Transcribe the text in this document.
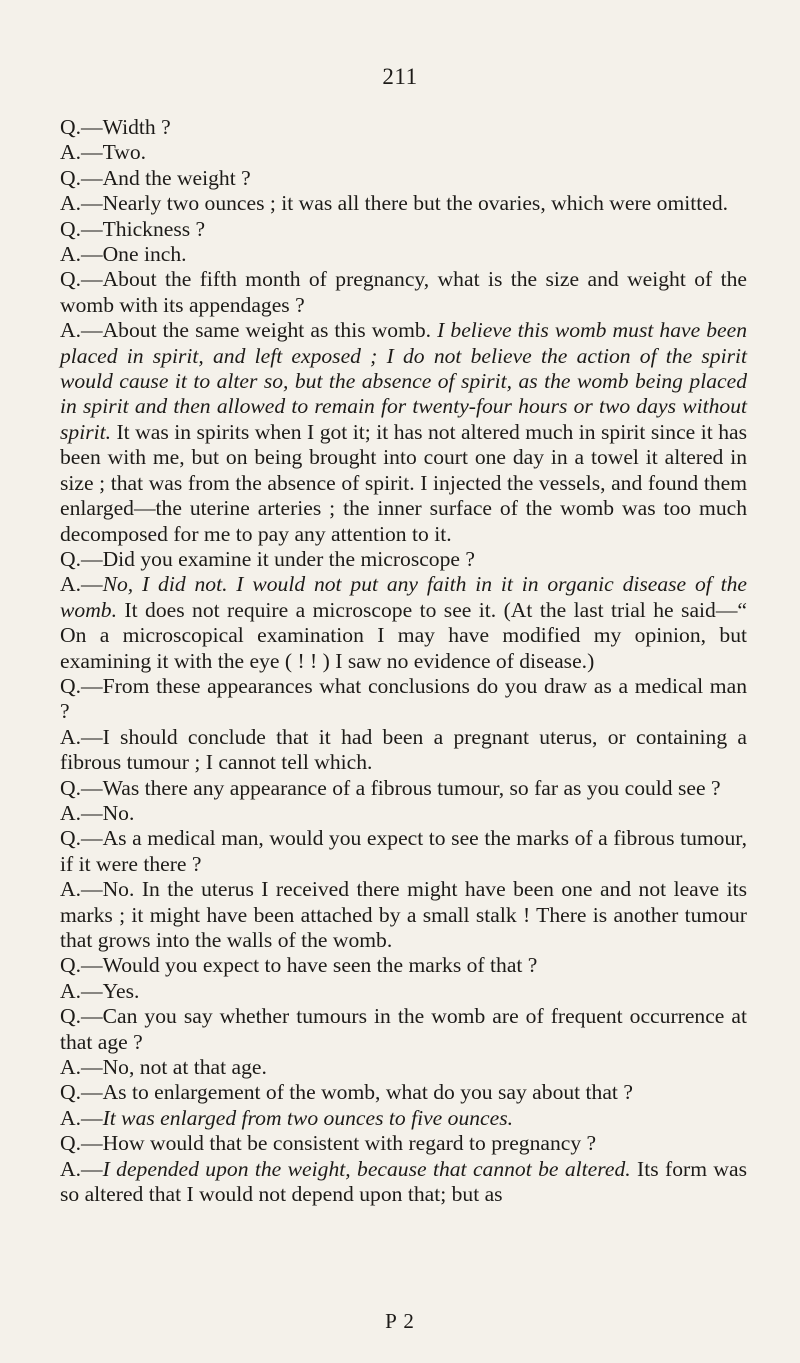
211

Q.—Width ?

A.—Two.

Q.—And the weight ?

A.—Nearly two ounces ; it was all there but the ovaries, which were omitted.

Q.—Thickness ?

A.—One inch.

Q.—About the fifth month of pregnancy, what is the size and weight of the womb with its appendages ?

A.—About the same weight as this womb. I believe this womb must have been placed in spirit, and left exposed ; I do not believe the action of the spirit would cause it to alter so, but the absence of spirit, as the womb being placed in spirit and then allowed to remain for twenty-four hours or two days without spirit. It was in spirits when I got it; it has not altered much in spirit since it has been with me, but on being brought into court one day in a towel it altered in size ; that was from the absence of spirit. I injected the vessels, and found them enlarged—the uterine arteries ; the inner surface of the womb was too much decomposed for me to pay any attention to it.

Q.—Did you examine it under the microscope ?

A.—No, I did not. I would not put any faith in it in organic disease of the womb. It does not require a microscope to see it. (At the last trial he said—“ On a microscopical examination I may have modified my opinion, but examining it with the eye ( ! ! ) I saw no evidence of disease.)

Q.—From these appearances what conclusions do you draw as a medical man ?

A.—I should conclude that it had been a pregnant uterus, or containing a fibrous tumour ; I cannot tell which.

Q.—Was there any appearance of a fibrous tumour, so far as you could see ?

A.—No.

Q.—As a medical man, would you expect to see the marks of a fibrous tumour, if it were there ?

A.—No. In the uterus I received there might have been one and not leave its marks ; it might have been attached by a small stalk ! There is another tumour that grows into the walls of the womb.

Q.—Would you expect to have seen the marks of that ?

A.—Yes.

Q.—Can you say whether tumours in the womb are of frequent occurrence at that age ?

A.—No, not at that age.

Q.—As to enlargement of the womb, what do you say about that ?

A.—It was enlarged from two ounces to five ounces.

Q.—How would that be consistent with regard to pregnancy ?

A.—I depended upon the weight, because that cannot be altered. Its form was so altered that I would not depend upon that; but as

P 2
